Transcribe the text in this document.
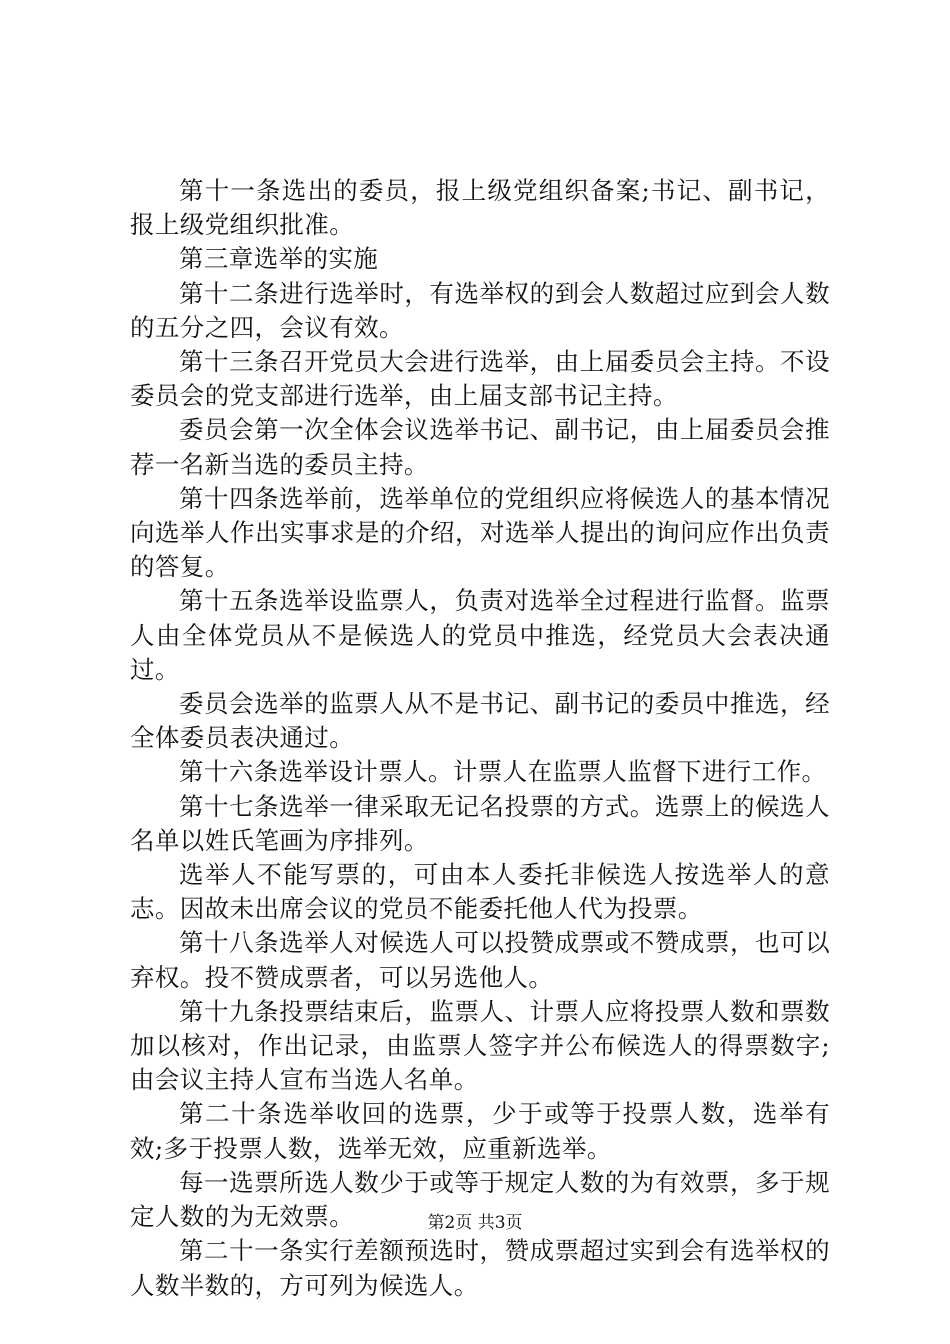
第十一条选出的委员，报上级党组织备案;书记、副书记，报上级党组织批准。

第三章选举的实施

第十二条进行选举时，有选举权的到会人数超过应到会人数的五分之四，会议有效。

第十三条召开党员大会进行选举，由上届委员会主持。不设委员会的党支部进行选举，由上届支部书记主持。

委员会第一次全体会议选举书记、副书记，由上届委员会推荐一名新当选的委员主持。

第十四条选举前，选举单位的党组织应将候选人的基本情况向选举人作出实事求是的介绍，对选举人提出的询问应作出负责的答复。

第十五条选举设监票人，负责对选举全过程进行监督。监票人由全体党员从不是候选人的党员中推选，经党员大会表决通过。

委员会选举的监票人从不是书记、副书记的委员中推选，经全体委员表决通过。

第十六条选举设计票人。计票人在监票人监督下进行工作。

第十七条选举一律采取无记名投票的方式。选票上的候选人名单以姓氏笔画为序排列。

选举人不能写票的，可由本人委托非候选人按选举人的意志。因故未出席会议的党员不能委托他人代为投票。

第十八条选举人对候选人可以投赞成票或不赞成票，也可以弃权。投不赞成票者，可以另选他人。

第十九条投票结束后，监票人、计票人应将投票人数和票数加以核对，作出记录，由监票人签字并公布候选人的得票数字;由会议主持人宣布当选人名单。

第二十条选举收回的选票，少于或等于投票人数，选举有效;多于投票人数，选举无效，应重新选举。

每一选票所选人数少于或等于规定人数的为有效票，多于规定人数的为无效票。

第二十一条实行差额预选时，赞成票超过实到会有选举权的人数半数的，方可列为候选人。

第2页 共3页
